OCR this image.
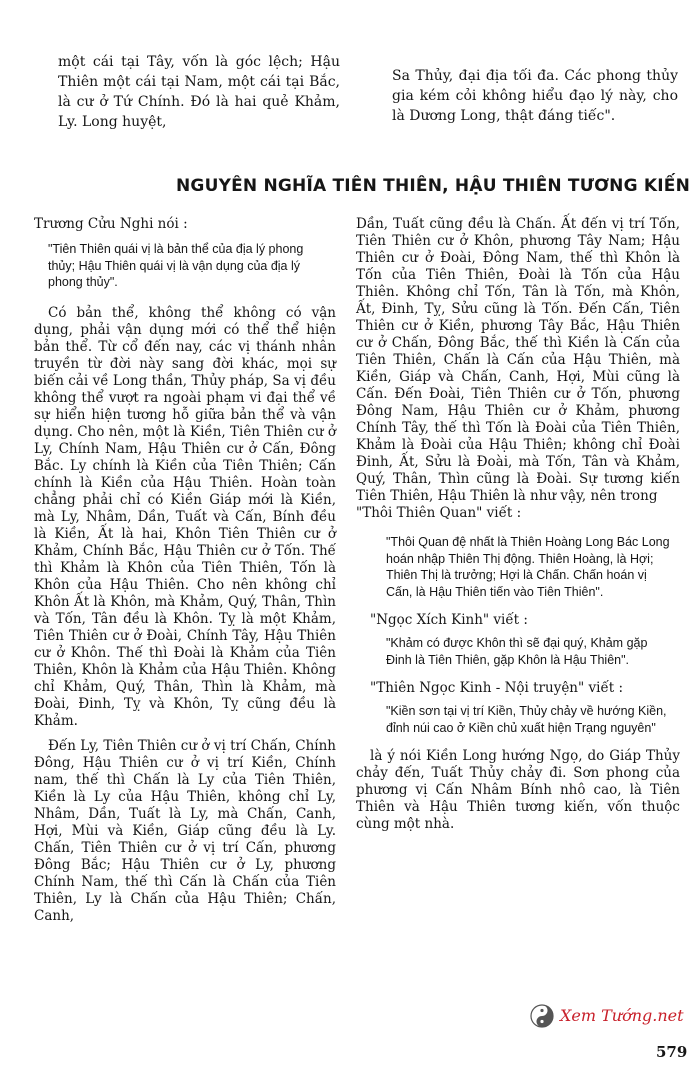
một cái tại Tây, vốn là góc lệch; Hậu Thiên một cái tại Nam, một cái tại Bắc, là cư ở Tứ Chính. Đó là hai quẻ Khảm, Ly. Long huyệt,

Sa Thủy, đại địa tối đa. Các phong thủy gia kém cỏi không hiểu đạo lý này, cho là Dương Long, thật đáng tiếc".

NGUYÊN NGHĨA TIÊN THIÊN, HẬU THIÊN TƯƠNG KIẾN

Trương Cửu Nghi nói :

"Tiên Thiên quái vị là bản thể của địa lý phong thủy; Hậu Thiên quái vị là vận dụng của địa lý phong thủy".

Có bản thể, không thể không có vận dụng, phải vận dụng mới có thể thể hiện bản thể. Từ cổ đến nay, các vị thánh nhân truyền từ đời này sang đời khác, mọi sự biến cải về Long thần, Thủy pháp, Sa vị đều không thể vượt ra ngoài phạm vi đại thể về sự hiển hiện tương hỗ giữa bản thể và vận dụng. Cho nên, một là Kiền, Tiên Thiên cư ở Ly, Chính Nam, Hậu Thiên cư ở Cấn, Đông Bắc. Ly chính là Kiền của Tiên Thiên; Cấn chính là Kiền của Hậu Thiên. Hoàn toàn chẳng phải chỉ có Kiền Giáp mới là Kiền, mà Ly, Nhâm, Dần, Tuất và Cấn, Bính đều là Kiền, Ất là hai, Khôn Tiên Thiên cư ở Khảm, Chính Bắc, Hậu Thiên cư ở Tốn. Thế thì Khảm là Khôn của Tiên Thiên, Tốn là Khôn của Hậu Thiên. Cho nên không chỉ Khôn Ất là Khôn, mà Khảm, Quý, Thân, Thìn và Tốn, Tân đều là Khôn. Tỵ là một Khảm, Tiên Thiên cư ở Đoài, Chính Tây, Hậu Thiên cư ở Khôn. Thế thì Đoài là Khảm của Tiên Thiên, Khôn là Khảm của Hậu Thiên. Không chỉ Khảm, Quý, Thân, Thìn là Khảm, mà Đoài, Đinh, Tỵ và Khôn, Tỵ cũng đều là Khảm.

Đến Ly, Tiên Thiên cư ở vị trí Chấn, Chính Đông, Hậu Thiên cư ở vị trí Kiền, Chính nam, thế thì Chấn là Ly của Tiên Thiên, Kiền là Ly của Hậu Thiên, không chỉ Ly, Nhâm, Dần, Tuất là Ly, mà Chấn, Canh, Hợi, Mùi và Kiền, Giáp cũng đều là Ly. Chấn, Tiên Thiên cư ở vị trí Cấn, phương Đông Bắc; Hậu Thiên cư ở Ly, phương Chính Nam, thế thì Cấn là Chấn của Tiên Thiên, Ly là Chấn của Hậu Thiên; Chấn, Canh,

Dần, Tuất cũng đều là Chấn. Ất đến vị trí Tốn, Tiên Thiên cư ở Khôn, phương Tây Nam; Hậu Thiên cư ở Đoài, Đông Nam, thế thì Khôn là Tốn của Tiên Thiên, Đoài là Tốn của Hậu Thiên. Không chỉ Tốn, Tân là Tốn, mà Khôn, Ất, Đinh, Tỵ, Sửu cũng là Tốn. Đến Cấn, Tiên Thiên cư ở Kiền, phương Tây Bắc, Hậu Thiên cư ở Chấn, Đông Bắc, thế thì Kiền là Cấn của Tiên Thiên, Chấn là Cấn của Hậu Thiên, mà Kiền, Giáp và Chấn, Canh, Hợi, Mùi cũng là Cấn. Đến Đoài, Tiên Thiên cư ở Tốn, phương Đông Nam, Hậu Thiên cư ở Khảm, phương Chính Tây, thế thì Tốn là Đoài của Tiên Thiên, Khảm là Đoài của Hậu Thiên; không chỉ Đoài Đinh, Ất, Sửu là Đoài, mà Tốn, Tân và Khảm, Quý, Thân, Thìn cũng là Đoài. Sự tương kiến Tiên Thiên, Hậu Thiên là như vậy, nên trong

"Thôi Thiên Quan" viết :

"Thôi Quan đệ nhất là Thiên Hoàng Long Bác Long hoán nhập Thiên Thị động. Thiên Hoàng, là Hợi; Thiên Thị là trưởng; Hợi là Chấn. Chấn hoán vị Cấn, là Hậu Thiên tiến vào Tiên Thiên".

"Ngọc Xích Kinh" viết :

"Khảm có được Khôn thì sẽ đại quý, Khảm gặp Đinh là Tiên Thiên, gặp Khôn là Hậu Thiên".

"Thiên Ngọc Kinh - Nội truyện" viết :

"Kiền sơn tại vị trí Kiền, Thủy chảy về hướng Kiền, đỉnh núi cao ở Kiền chủ xuất hiện Trạng nguyên"

là ý nói Kiền Long hướng Ngọ, do Giáp Thủy chảy đến, Tuất Thủy chảy đi. Sơn phong của phương vị Cấn Nhâm Bính nhô cao, là Tiên Thiên và Hậu Thiên tương kiến, vốn thuộc cùng một nhà.

Xem Tướng.net
579
